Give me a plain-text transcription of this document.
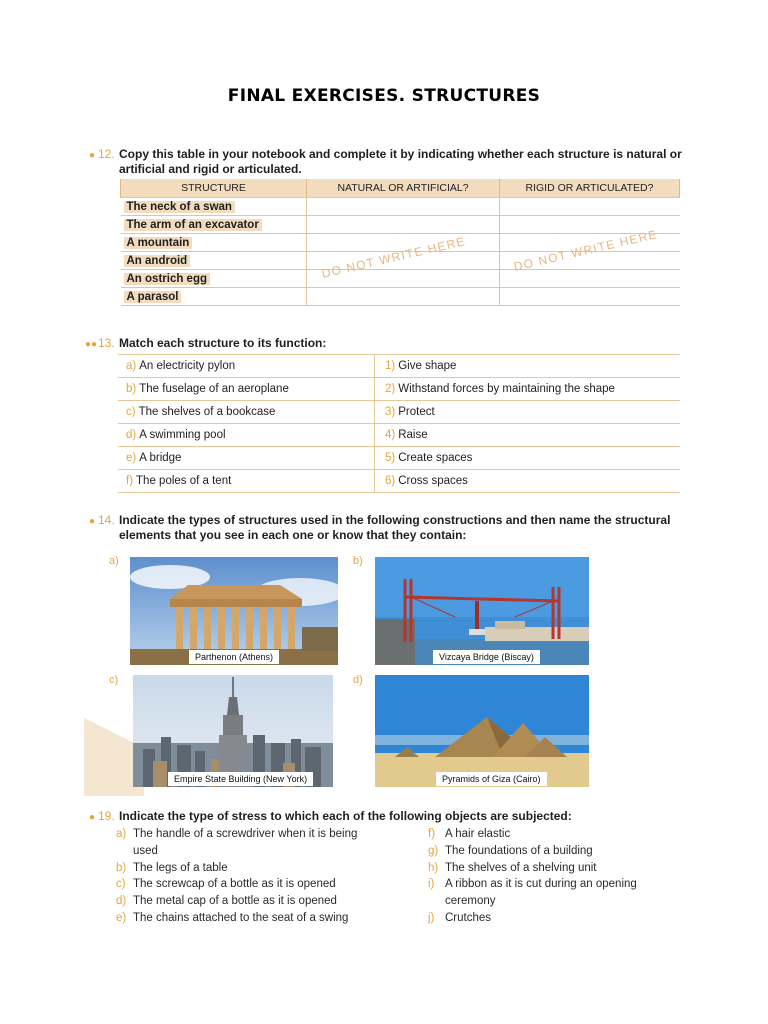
FINAL EXERCISES. STRUCTURES
● 12. Copy this table in your notebook and complete it by indicating whether each structure is natural or artificial and rigid or articulated.
STRUCTURE	NATURAL OR ARTIFICIAL?	RIGID OR ARTICULATED?
The neck of a swan		
The arm of an excavator		
A mountain		
An android		
An ostrich egg		
A parasol		
DO NOT WRITE HERE	DO NOT WRITE HERE
●● 13. Match each structure to its function:
a) An electricity pylon	1) Give shape
b) The fuselage of an aeroplane	2) Withstand forces by maintaining the shape
c) The shelves of a bookcase	3) Protect
d) A swimming pool	4) Raise
e) A bridge	5) Create spaces
f) The poles of a tent	6) Cross spaces
● 14. Indicate the types of structures used in the following constructions and then name the structural elements that you see in each one or know that they contain:
a)	b)
c)	d)
Parthenon (Athens)	Vizcaya Bridge (Biscay)
Empire State Building (New York)	Pyramids of Giza (Cairo)
● 19. Indicate the type of stress to which each of the following objects are subjected:
a) The handle of a screwdriver when it is being
used
b) The legs of a table
c) The screwcap of a bottle as it is opened
d) The metal cap of a bottle as it is opened
e) The chains attached to the seat of a swing
f) A hair elastic
g) The foundations of a building
h) The shelves of a shelving unit
i) A ribbon as it is cut during an opening
ceremony
j) Crutches
